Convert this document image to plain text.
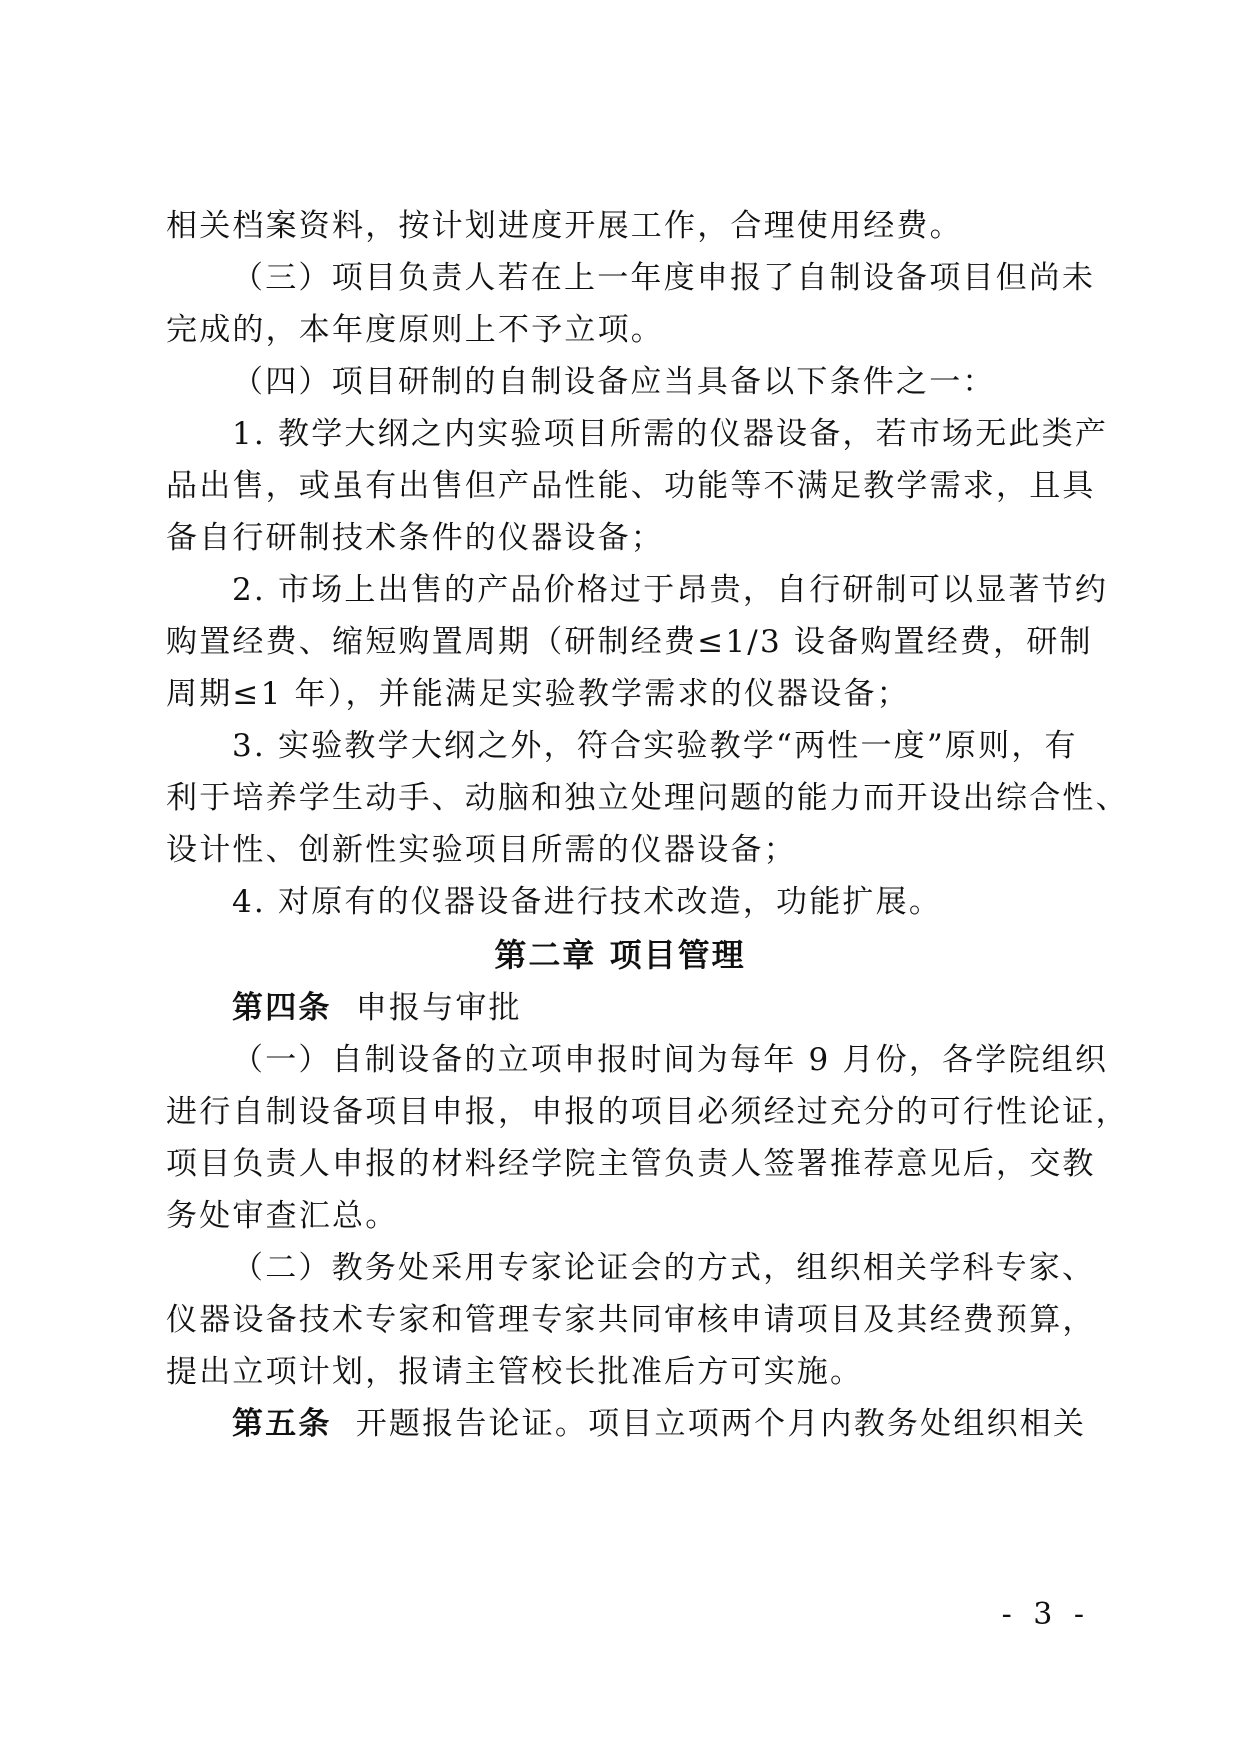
相关档案资料，按计划进度开展工作，合理使用经费。
（三）项目负责人若在上一年度申报了自制设备项目但尚未
完成的，本年度原则上不予立项。
（四）项目研制的自制设备应当具备以下条件之一：
1. 教学大纲之内实验项目所需的仪器设备，若市场无此类产
品出售，或虽有出售但产品性能、功能等不满足教学需求，且具
备自行研制技术条件的仪器设备；
2. 市场上出售的产品价格过于昂贵，自行研制可以显著节约
购置经费、缩短购置周期（研制经费≤1/3 设备购置经费，研制
周期≤1 年），并能满足实验教学需求的仪器设备；
3. 实验教学大纲之外，符合实验教学“两性一度”原则，有
利于培养学生动手、动脑和独立处理问题的能力而开设出综合性、
设计性、创新性实验项目所需的仪器设备；
4. 对原有的仪器设备进行技术改造，功能扩展。
第二章 项目管理
第四条 申报与审批
（一）自制设备的立项申报时间为每年 9 月份，各学院组织
进行自制设备项目申报，申报的项目必须经过充分的可行性论证，
项目负责人申报的材料经学院主管负责人签署推荐意见后，交教
务处审查汇总。
（二）教务处采用专家论证会的方式，组织相关学科专家、
仪器设备技术专家和管理专家共同审核申请项目及其经费预算，
提出立项计划，报请主管校长批准后方可实施。
第五条 开题报告论证。项目立项两个月内教务处组织相关
- 3 -
